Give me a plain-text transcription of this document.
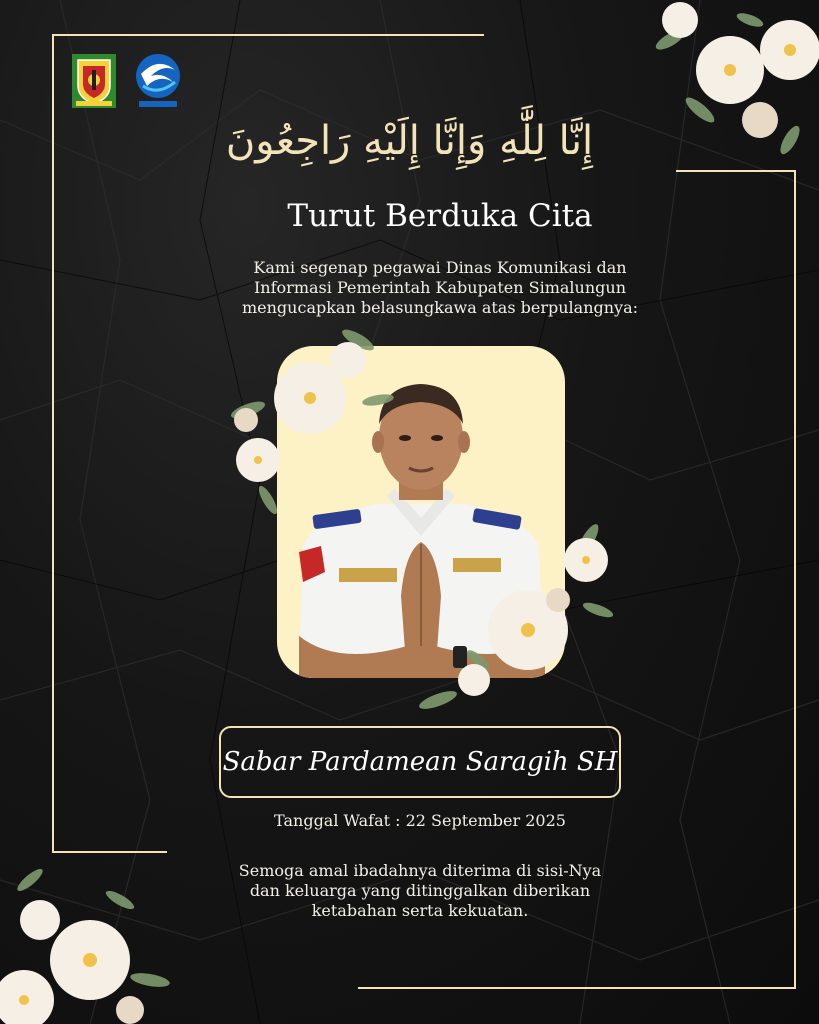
إِنَّا لِلَّٰهِ وَإِنَّا إِلَيْهِ رَاجِعُونَ
Turut Berduka Cita
Kami segenap pegawai Dinas Komunikasi dan
Informasi Pemerintah Kabupaten Simalungun
mengucapkan belasungkawa atas berpulangnya:
Sabar Pardamean Saragih SH
Tanggal Wafat : 22 September 2025
Semoga amal ibadahnya diterima di sisi-Nya
dan keluarga yang ditinggalkan diberikan
ketabahan serta kekuatan.
